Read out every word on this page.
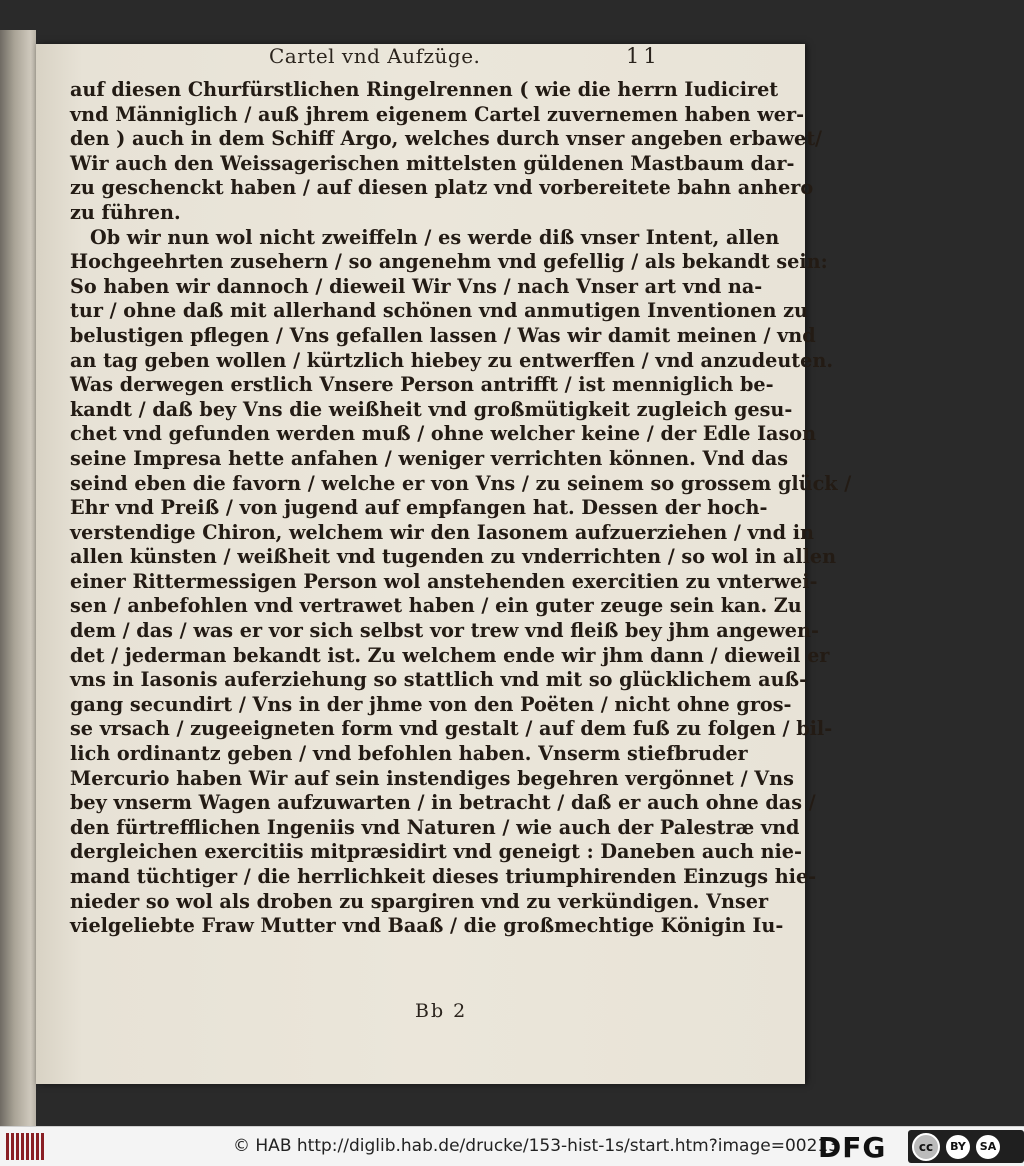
Cartel vnd Aufzüge.	11
auf diesen Churfürstlichen Ringelrennen ( wie die herrn Iudiciret
vnd Männiglich / auß jhrem eigenem Cartel zuvernemen haben wer-
den ) auch in dem Schiff Argo, welches durch vnser angeben erbawet/
Wir auch den Weissagerischen mittelsten güldenen Mastbaum dar-
zu geschenckt haben / auf diesen platz vnd vorbereitete bahn anhero
zu führen.
Ob wir nun wol nicht zweiffeln / es werde diß vnser Intent, allen
Hochgeehrten zusehern / so angenehm vnd gefellig / als bekandt sein:
So haben wir dannoch / dieweil Wir Vns / nach Vnser art vnd na-
tur / ohne daß mit allerhand schönen vnd anmutigen Inventionen zu
belustigen pflegen / Vns gefallen lassen / Was wir damit meinen / vnd
an tag geben wollen / kürtzlich hiebey zu entwerffen / vnd anzudeuten.
Was derwegen erstlich Vnsere Person antrifft / ist menniglich be-
kandt / daß bey Vns die weißheit vnd großmütigkeit zugleich gesu-
chet vnd gefunden werden muß / ohne welcher keine / der Edle Iason
seine Impresa hette anfahen / weniger verrichten können. Vnd das
seind eben die favorn / welche er von Vns / zu seinem so grossem glück /
Ehr vnd Preiß / von jugend auf empfangen hat. Dessen der hoch-
verstendige Chiron, welchem wir den Iasonem aufzuerziehen / vnd in
allen künsten / weißheit vnd tugenden zu vnderrichten / so wol in allen
einer Rittermessigen Person wol anstehenden exercitien zu vnterwei-
sen / anbefohlen vnd vertrawet haben / ein guter zeuge sein kan. Zu
dem / das / was er vor sich selbst vor trew vnd fleiß bey jhm angewen-
det / jederman bekandt ist. Zu welchem ende wir jhm dann / dieweil er
vns in Iasonis auferziehung so stattlich vnd mit so glücklichem auß-
gang secundirt / Vns in der jhme von den Poëten / nicht ohne gros-
se vrsach / zugeeigneten form vnd gestalt / auf dem fuß zu folgen / bil-
lich ordinantz geben / vnd befohlen haben. Vnserm stiefbruder
Mercurio haben Wir auf sein instendiges begehren vergönnet / Vns
bey vnserm Wagen aufzuwarten / in betracht / daß er auch ohne das /
den fürtrefflichen Ingeniis vnd Naturen / wie auch der Palestræ vnd
dergleichen exercitiis mitpræsidirt vnd geneigt : Daneben auch nie-
mand tüchtiger / die herrlichkeit dieses triumphirenden Einzugs hie-
nieder so wol als droben zu spargiren vnd zu verkündigen. Vnser
vielgeliebte Fraw Mutter vnd Baaß / die großmechtige Königin Iu-
Bb 2
© HAB http://diglib.hab.de/drucke/153-hist-1s/start.htm?image=00213
DFG	cc	BY	SA
